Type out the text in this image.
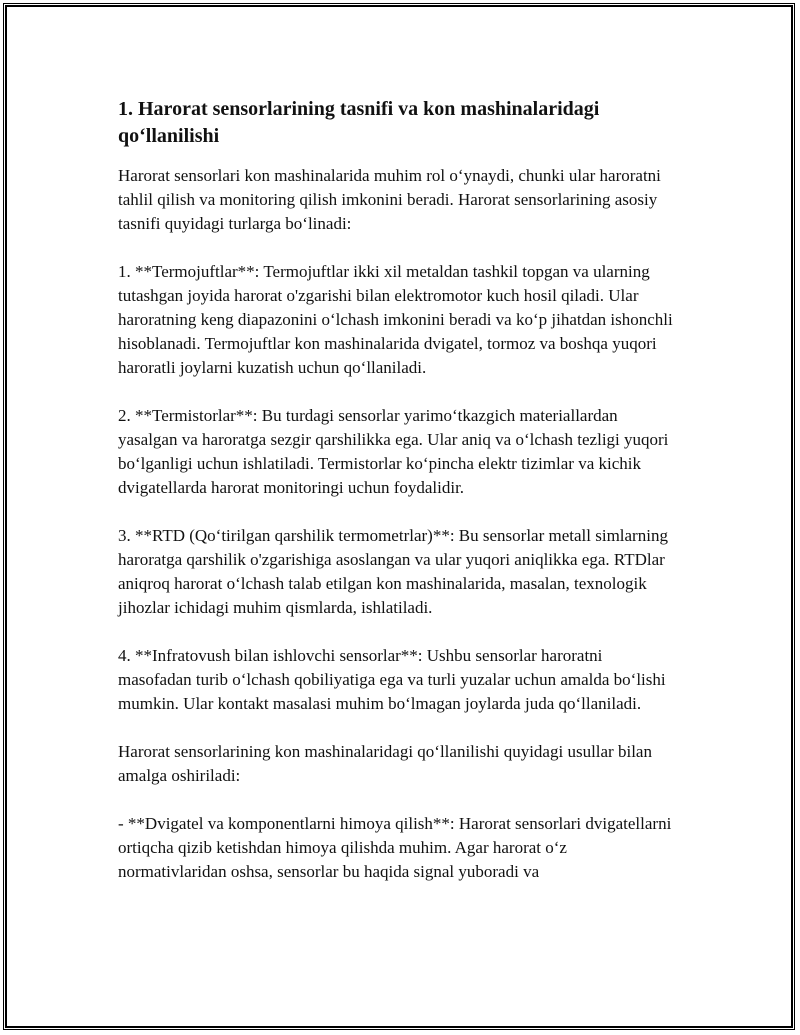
1. Harorat sensorlarining tasnifi va kon mashinalaridagi qo‘llanilishi

Harorat sensorlari kon mashinalarida muhim rol o‘ynaydi, chunki ular haroratni tahlil qilish va monitoring qilish imkonini beradi. Harorat sensorlarining asosiy tasnifi quyidagi turlarga bo‘linadi:

1. **Termojuftlar**: Termojuftlar ikki xil metaldan tashkil topgan va ularning tutashgan joyida harorat o'zgarishi bilan elektromotor kuch hosil qiladi. Ular haroratning keng diapazonini o‘lchash imkonini beradi va ko‘p jihatdan ishonchli hisoblanadi. Termojuftlar kon mashinalarida dvigatel, tormoz va boshqa yuqori haroratli joylarni kuzatish uchun qo‘llaniladi.

2. **Termistorlar**: Bu turdagi sensorlar yarimo‘tkazgich materiallardan yasalgan va haroratga sezgir qarshilikka ega. Ular aniq va o‘lchash tezligi yuqori bo‘lganligi uchun ishlatiladi. Termistorlar ko‘pincha elektr tizimlar va kichik dvigatellarda harorat monitoringi uchun foydalidir.

3. **RTD (Qo‘tirilgan qarshilik termometrlar)**: Bu sensorlar metall simlarning haroratga qarshilik o'zgarishiga asoslangan va ular yuqori aniqlikka ega. RTDlar aniqroq harorat o‘lchash talab etilgan kon mashinalarida, masalan, texnologik jihozlar ichidagi muhim qismlarda, ishlatiladi.

4. **Infratovush bilan ishlovchi sensorlar**: Ushbu sensorlar haroratni masofadan turib o‘lchash qobiliyatiga ega va turli yuzalar uchun amalda bo‘lishi mumkin. Ular kontakt masalasi muhim bo‘lmagan joylarda juda qo‘llaniladi.

Harorat sensorlarining kon mashinalaridagi qo‘llanilishi quyidagi usullar bilan amalga oshiriladi:

- **Dvigatel va komponentlarni himoya qilish**: Harorat sensorlari dvigatellarni ortiqcha qizib ketishdan himoya qilishda muhim. Agar harorat o‘z normativlaridan oshsa, sensorlar bu haqida signal yuboradi va
